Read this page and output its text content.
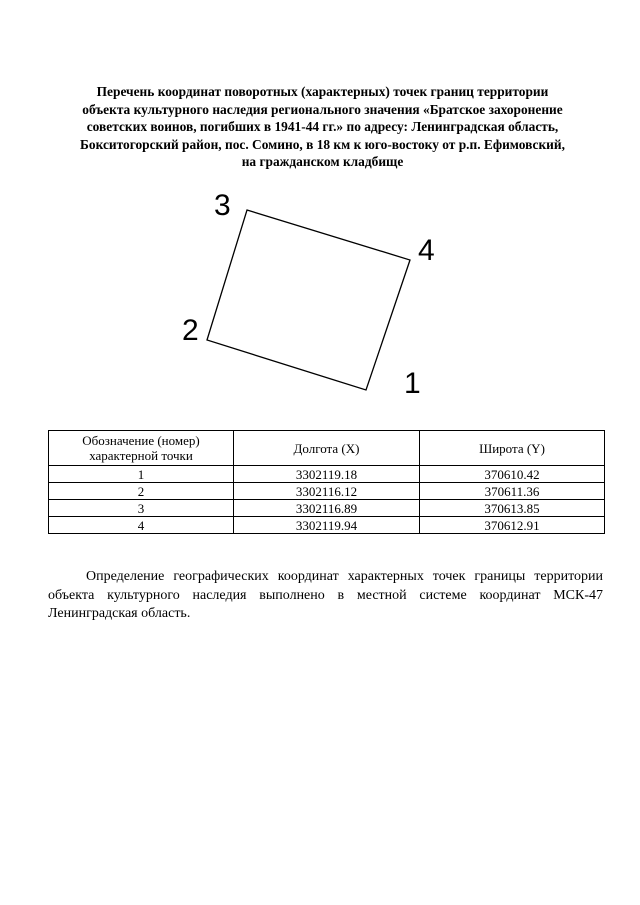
Перечень координат поворотных (характерных) точек границ территории
объекта культурного наследия регионального значения «Братское захоронение
советских воинов, погибших в 1941-44 гг.» по адресу: Ленинградская область,
Бокситогорский район, пос. Сомино, в 18 км к юго-востоку от р.п. Ефимовский,
на гражданском кладбище
3
4
2
1
Обозначение (номер)
характерной точки	Долгота (X)	Широта (Y)
1	3302119.18	370610.42
2	3302116.12	370611.36
3	3302116.89	370613.85
4	3302119.94	370612.91

Определение географических координат характерных точек границы территории объекта культурного наследия выполнено в местной системе координат МСК-47 Ленинградская область.
